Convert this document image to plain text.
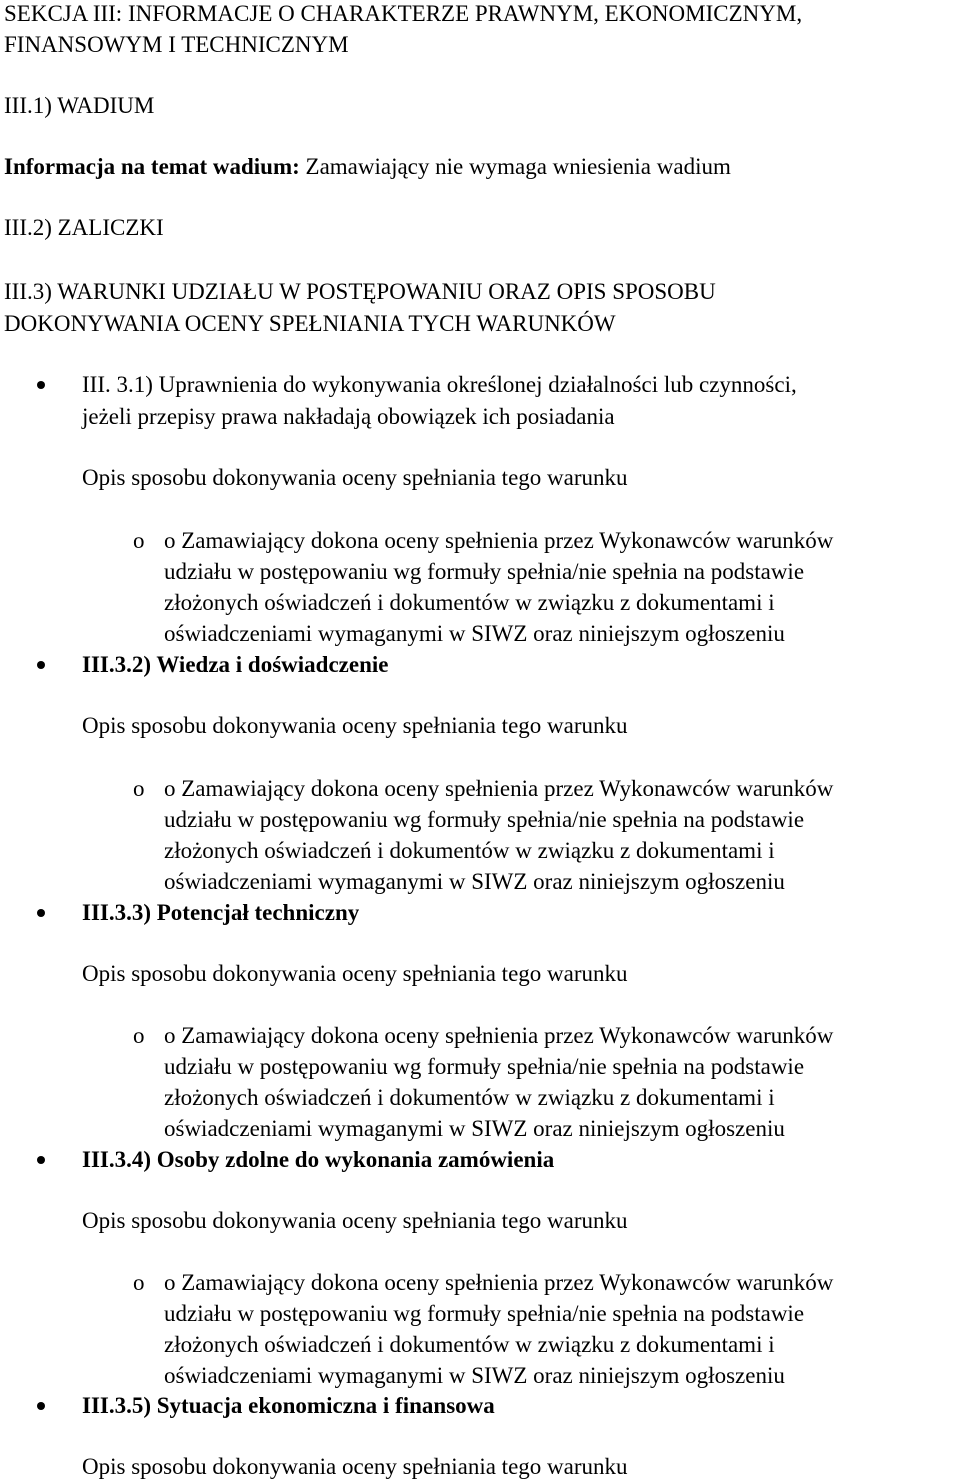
SEKCJA III: INFORMACJE O CHARAKTERZE PRAWNYM, EKONOMICZNYM,
FINANSOWYM I TECHNICZNYM
III.1) WADIUM
Informacja na temat wadium: Zamawiający nie wymaga wniesienia wadium
III.2) ZALICZKI
III.3) WARUNKI UDZIAŁU W POSTĘPOWANIU ORAZ OPIS SPOSOBU
DOKONYWANIA OCENY SPEŁNIANIA TYCH WARUNKÓW
III. 3.1) Uprawnienia do wykonywania określonej działalności lub czynności,
jeżeli przepisy prawa nakładają obowiązek ich posiadania
Opis sposobu dokonywania oceny spełniania tego warunku
o o Zamawiający dokona oceny spełnienia przez Wykonawców warunków
udziału w postępowaniu wg formuły spełnia/nie spełnia na podstawie
złożonych oświadczeń i dokumentów w związku z dokumentami i
oświadczeniami wymaganymi w SIWZ oraz niniejszym ogłoszeniu
III.3.2) Wiedza i doświadczenie
Opis sposobu dokonywania oceny spełniania tego warunku
o o Zamawiający dokona oceny spełnienia przez Wykonawców warunków
udziału w postępowaniu wg formuły spełnia/nie spełnia na podstawie
złożonych oświadczeń i dokumentów w związku z dokumentami i
oświadczeniami wymaganymi w SIWZ oraz niniejszym ogłoszeniu
III.3.3) Potencjał techniczny
Opis sposobu dokonywania oceny spełniania tego warunku
o o Zamawiający dokona oceny spełnienia przez Wykonawców warunków
udziału w postępowaniu wg formuły spełnia/nie spełnia na podstawie
złożonych oświadczeń i dokumentów w związku z dokumentami i
oświadczeniami wymaganymi w SIWZ oraz niniejszym ogłoszeniu
III.3.4) Osoby zdolne do wykonania zamówienia
Opis sposobu dokonywania oceny spełniania tego warunku
o o Zamawiający dokona oceny spełnienia przez Wykonawców warunków
udziału w postępowaniu wg formuły spełnia/nie spełnia na podstawie
złożonych oświadczeń i dokumentów w związku z dokumentami i
oświadczeniami wymaganymi w SIWZ oraz niniejszym ogłoszeniu
III.3.5) Sytuacja ekonomiczna i finansowa
Opis sposobu dokonywania oceny spełniania tego warunku
